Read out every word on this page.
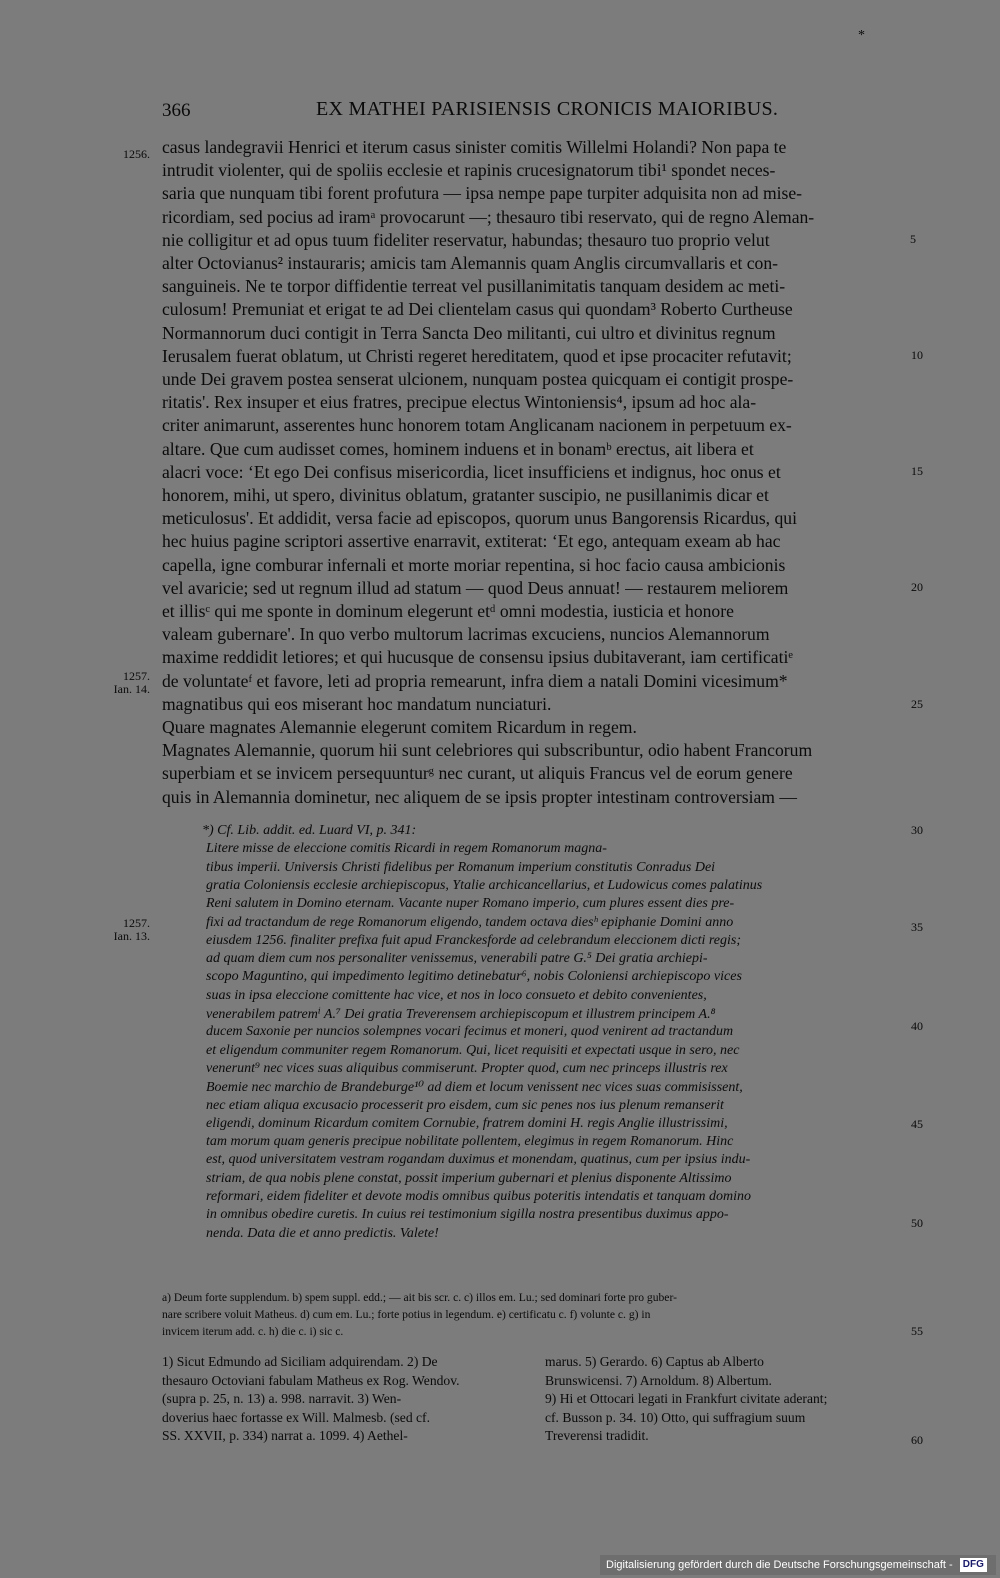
*
366	EX MATHEI PARISIENSIS CRONICIS MAIORIBUS.
casus landegravii Henrici et iterum casus sinister comitis Willelmi Holandi? Non papa te
intrudit violenter, qui de spoliis ecclesie et rapinis crucesignatorum tibi¹ spondet neces-
saria que nunquam tibi forent profutura — ipsa nempe pape turpiter adquisita non ad mise-
ricordiam, sed pocius ad iramᵃ provocarunt —; thesauro tibi reservato, qui de regno Aleman-
nie colligitur et ad opus tuum fideliter reservatur, habundas; thesauro tuo proprio velut
alter Octovianus² instauraris; amicis tam Alemannis quam Anglis circumvallaris et con-
sanguineis. Ne te torpor diffidentie terreat vel pusillanimitatis tanquam desidem ac meti-
culosum! Premuniat et erigat te ad Dei clientelam casus qui quondam³ Roberto Curtheuse
Normannorum duci contigit in Terra Sancta Deo militanti, cui ultro et divinitus regnum
Ierusalem fuerat oblatum, ut Christi regeret hereditatem, quod et ipse procaciter refutavit;
unde Dei gravem postea senserat ulcionem, nunquam postea quicquam ei contigit prospe-
ritatis'. Rex insuper et eius fratres, precipue electus Wintoniensis⁴, ipsum ad hoc ala-
criter animarunt, asserentes hunc honorem totam Anglicanam nacionem in perpetuum ex-
altare. Que cum audisset comes, hominem induens et in bonamᵇ erectus, ait libera et
alacri voce: ‘Et ego Dei confisus misericordia, licet insufficiens et indignus, hoc onus et
honorem, mihi, ut spero, divinitus oblatum, gratanter suscipio, ne pusillanimis dicar et
meticulosus'. Et addidit, versa facie ad episcopos, quorum unus Bangorensis Ricardus, qui
hec huius pagine scriptori assertive enarravit, extiterat: ‘Et ego, antequam exeam ab hac
capella, igne comburar infernali et morte moriar repentina, si hoc facio causa ambicionis
vel avaricie; sed ut regnum illud ad statum — quod Deus annuat! — restaurem meliorem
et illisᶜ qui me sponte in dominum elegerunt etᵈ omni modestia, iusticia et honore
valeam gubernare'. In quo verbo multorum lacrimas excuciens, nuncios Alemannorum
maxime reddidit letiores; et qui hucusque de consensu ipsius dubitaverant, iam certificatiᵉ
de voluntateᶠ et favore, leti ad propria remearunt, infra diem a natali Domini vicesimum*
magnatibus qui eos miserant hoc mandatum nunciaturi.
Quare magnates Alemannie elegerunt comitem Ricardum in regem.
Magnates Alemannie, quorum hii sunt celebriores qui subscribuntur, odio habent Francorum
superbiam et se invicem persequunturᵍ nec curant, ut aliquis Francus vel de eorum genere
quis in Alemannia dominetur, nec aliquem de se ipsis propter intestinam controversiam —
*) Cf. Lib. addit. ed. Luard VI, p. 341:
Litere misse de eleccione comitis Ricardi in regem Romanorum magna-
tibus imperii. Universis Christi fidelibus per Romanum imperium constitutis Conradus Dei
gratia Coloniensis ecclesie archiepiscopus, Ytalie archicancellarius, et Ludowicus comes palatinus
Reni salutem in Domino eternam. Vacante nuper Romano imperio, cum plures essent dies pre-
fixi ad tractandum de rege Romanorum eligendo, tandem octava diesʰ epiphanie Domini anno
eiusdem 1256. finaliter prefixa fuit apud Franckesforde ad celebrandum eleccionem dicti regis;
ad quam diem cum nos personaliter venissemus, venerabili patre G.⁵ Dei gratia archiepi-
scopo Maguntino, qui impedimento legitimo detinebatur⁶, nobis Coloniensi archiepiscopo vices
suas in ipsa eleccione comittente hac vice, et nos in loco consueto et debito convenientes,
venerabilem patremⁱ A.⁷ Dei gratia Treverensem archiepiscopum et illustrem principem A.⁸
ducem Saxonie per nuncios solempnes vocari fecimus et moneri, quod venirent ad tractandum
et eligendum communiter regem Romanorum. Qui, licet requisiti et expectati usque in sero, nec
venerunt⁹ nec vices suas aliquibus commiserunt. Propter quod, cum nec princeps illustris rex
Boemie nec marchio de Brandeburge¹⁰ ad diem et locum venissent nec vices suas commisissent,
nec etiam aliqua excusacio processerit pro eisdem, cum sic penes nos ius plenum remanserit
eligendi, dominum Ricardum comitem Cornubie, fratrem domini H. regis Anglie illustrissimi,
tam morum quam generis precipue nobilitate pollentem, elegimus in regem Romanorum. Hinc
est, quod universitatem vestram rogandam duximus et monendam, quatinus, cum per ipsius indu-
striam, de qua nobis plene constat, possit imperium gubernari et plenius disponente Altissimo
reformari, eidem fideliter et devote modis omnibus quibus poteritis intendatis et tanquam domino
in omnibus obedire curetis. In cuius rei testimonium sigilla nostra presentibus duximus appo-
nenda. Data die et anno predictis. Valete!
a) Deum forte supplendum. b) spem suppl. edd.; — ait bis scr. c. c) illos em. Lu.; sed dominari forte pro guber-
nare scribere voluit Matheus. d) cum em. Lu.; forte potius in legendum. e) certificatu c. f) volunte c. g) in
invicem iterum add. c. h) die c. i) sic c.
1) Sicut Edmundo ad Siciliam adquirendam. 2) De
thesauro Octoviani fabulam Matheus ex Rog. Wendov.
(supra p. 25, n. 13) a. 998. narravit. 3) Wen-
doverius haec fortasse ex Will. Malmesb. (sed cf.
SS. XXVII, p. 334) narrat a. 1099. 4) Aethel-
marus. 5) Gerardo. 6) Captus ab Alberto
Brunswicensi. 7) Arnoldum. 8) Albertum.
9) Hi et Ottocari legati in Frankfurt civitate aderant;
cf. Busson p. 34. 10) Otto, qui suffragium suum
Treverensi tradidit.
1256.
1257.
Ian. 14.
1257.
Ian. 13.
5
10
15
20
25
30
35
40
45
50
55
60
Digitalisierung gefördert durch die Deutsche Forschungsgemeinschaft - DFG
